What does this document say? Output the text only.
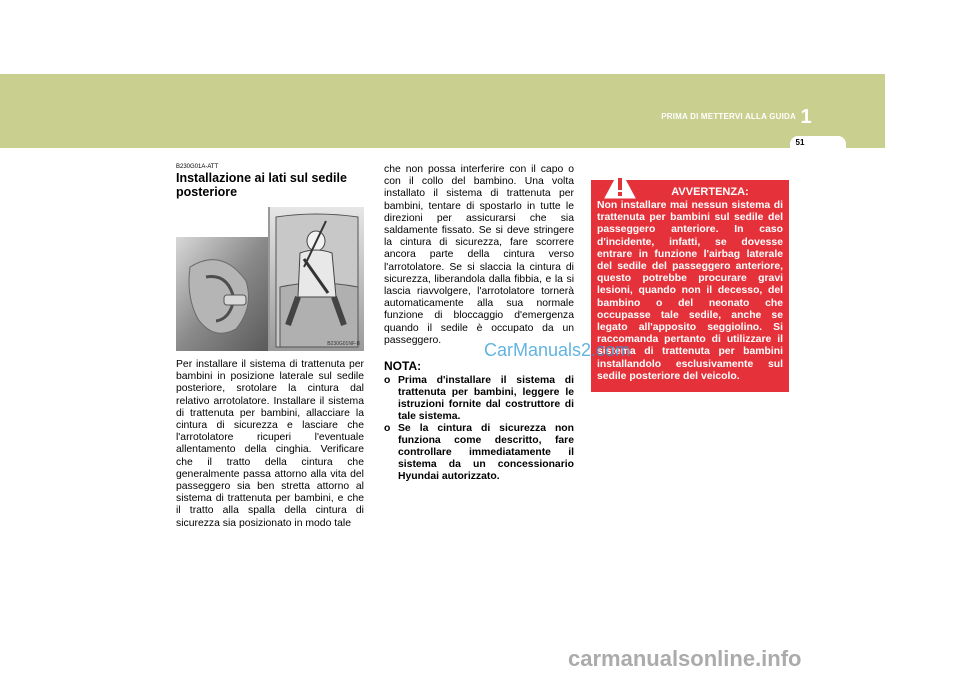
PRIMA DI METTERVI ALLA GUIDA 1
51

B230G01A-ATT

Installazione ai lati sul sedile posteriore
B230G01NF-B

Per installare il sistema di trattenuta per bambini in posizione laterale sul sedile posteriore, srotolare la cintura dal relativo arrotolatore. Installare il sistema di trattenuta per bambini, allacciare la cintura di sicurezza e lasciare che l'arrotolatore ricuperi l'eventuale allentamento della cinghia. Verificare che il tratto della cintura che generalmente passa attorno alla vita del passeggero sia ben stretta attorno al sistema di trattenuta per bambini, e che il tratto alla spalla della cintura di sicurezza sia posizionato in modo tale

che non possa interferire con il capo o con il collo del bambino. Una volta installato il sistema di trattenuta per bambini, tentare di spostarlo in tutte le direzioni per assicurarsi che sia saldamente fissato. Se si deve stringere la cintura di sicurezza, fare scorrere ancora parte della cintura verso l'arrotolatore. Se si slaccia la cintura di sicurezza, liberandola dalla fibbia, e la si lascia riavvolgere, l'arrotolatore tornerà automaticamente alla sua normale funzione di bloccaggio d'emergenza quando il sedile è occupato da un passeggero.

NOTA:
o Prima d'installare il sistema di trattenuta per bambini, leggere le istruzioni fornite dal costruttore di tale sistema.
o Se la cintura di sicurezza non funziona come descritto, fare controllare immediatamente il sistema da un concessionario Hyundai autorizzato.
AVVERTENZA:

Non installare mai nessun sistema di trattenuta per bambini sul sedile del passeggero anteriore. In caso d'incidente, infatti, se dovesse entrare in funzione l'airbag laterale del sedile del passeggero anteriore, questo potrebbe procurare gravi lesioni, quando non il decesso, del bambino o del neonato che occupasse tale sedile, anche se legato all'apposito seggiolino. Si raccomanda pertanto di utilizzare il sistema di trattenuta per bambini installandolo esclusivamente sul sedile posteriore del veicolo.

CarManuals2.com
carmanualsonline.info
